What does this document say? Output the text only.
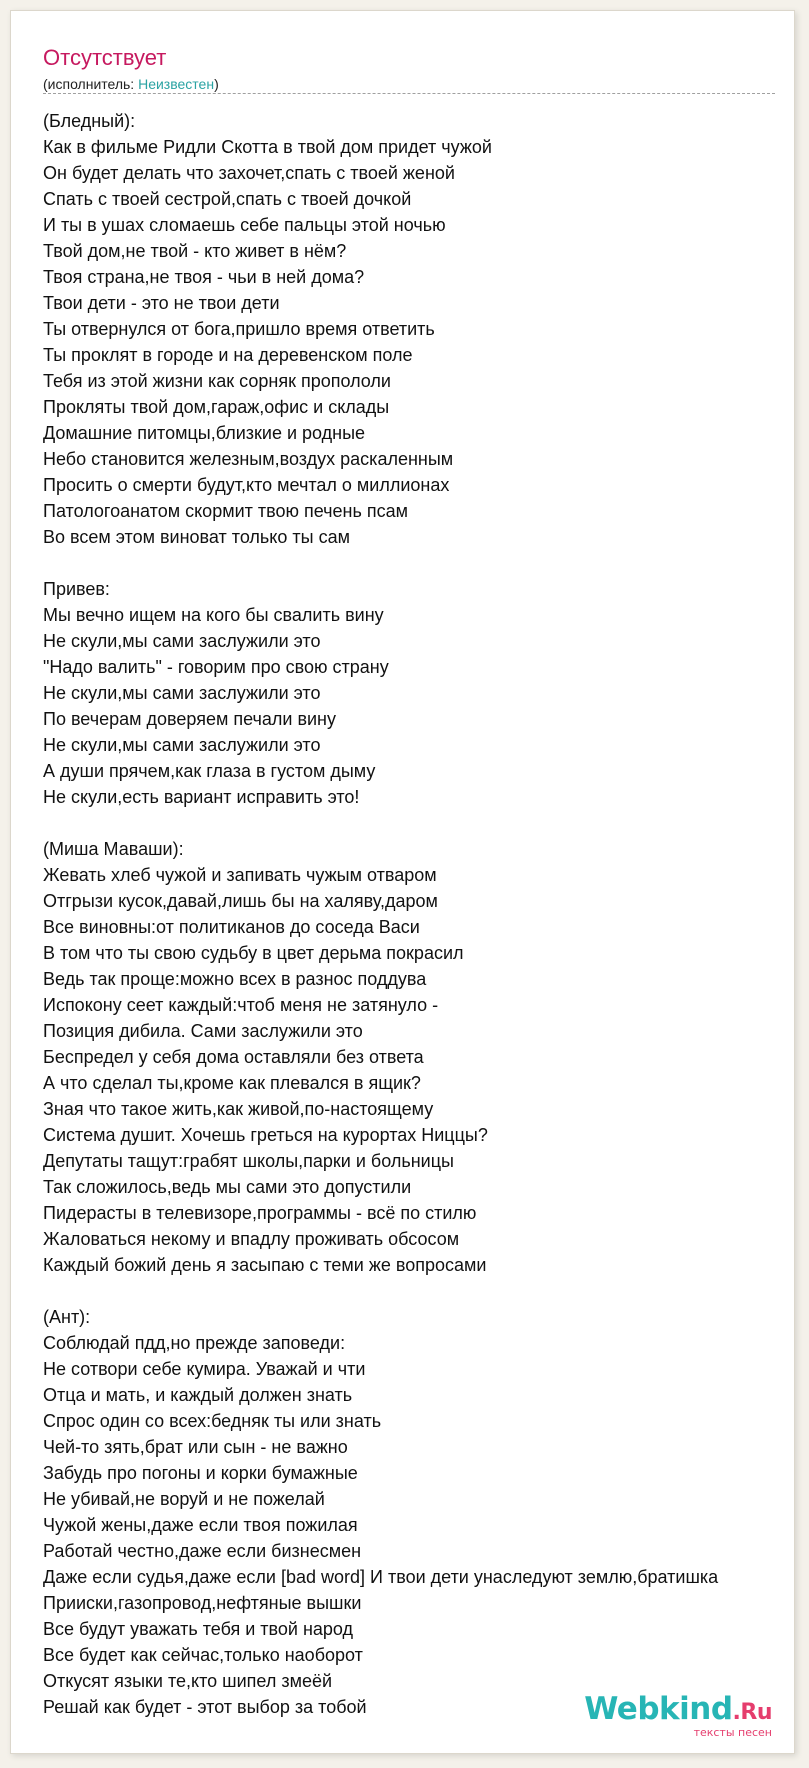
Отсутствует
(исполнитель: Неизвестен)
(Бледный):
Как в фильме Ридли Скотта в твой дом придет чужой
Он будет делать что захочет,спать с твоей женой
Спать с твоей сестрой,спать с твоей дочкой
И ты в ушах сломаешь себе пальцы этой ночью
Твой дом,не твой - кто живет в нём?
Твоя страна,не твоя - чьи в ней дома?
Твои дети - это не твои дети
Ты отвернулся от бога,пришло время ответить
Ты проклят в городе и на деревенском поле
Тебя из этой жизни как сорняк пропололи
Прокляты твой дом,гараж,офис и склады
Домашние питомцы,близкие и родные
Небо становится железным,воздух раскаленным
Просить о смерти будут,кто мечтал о миллионах
Патологоанатом скормит твою печень псам
Во всем этом виноват только ты сам
Привев:
Мы вечно ищем на кого бы свалить вину
Не скули,мы сами заслужили это
"Надо валить" - говорим про свою страну
Не скули,мы сами заслужили это
По вечерам доверяем печали вину
Не скули,мы сами заслужили это
А души прячем,как глаза в густом дыму
Не скули,есть вариант исправить это!
(Миша Маваши):
Жевать хлеб чужой и запивать чужым отваром
Отгрызи кусок,давай,лишь бы на халяву,даром
Все виновны:от политиканов до соседа Васи
В том что ты свою судьбу в цвет дерьма покрасил
Ведь так проще:можно всех в разнос поддува
Испокону сеет каждый:чтоб меня не затянуло -
Позиция дибила. Сами заслужили это
Беспредел у себя дома оставляли без ответа
А что сделал ты,кроме как плевался в ящик?
Зная что такое жить,как живой,по-настоящему
Система душит. Хочешь греться на курортах Ниццы?
Депутаты тащут:грабят школы,парки и больницы
Так сложилось,ведь мы сами это допустили
Пидерасты в телевизоре,программы - всё по стилю
Жаловаться некому и впадлу проживать обсосом
Каждый божий день я засыпаю с теми же вопросами
(Ант):
Соблюдай пдд,но прежде заповеди:
Не сотвори себе кумира. Уважай и чти
Отца и мать, и каждый должен знать
Спрос один со всех:бедняк ты или знать
Чей-то зять,брат или сын - не важно
Забудь про погоны и корки бумажные
Не убивай,не воруй и не пожелай
Чужой жены,даже если твоя пожилая
Работай честно,даже если бизнесмен
Даже если судья,даже если [bad word] И твои дети унаследуют землю,братишка
Прииски,газопровод,нефтяные вышки
Все будут уважать тебя и твой народ
Все будет как сейчас,только наоборот
Откусят языки те,кто шипел змеёй
Решай как будет - этот выбор за тобой	Webkind.Ru
тексты песен
